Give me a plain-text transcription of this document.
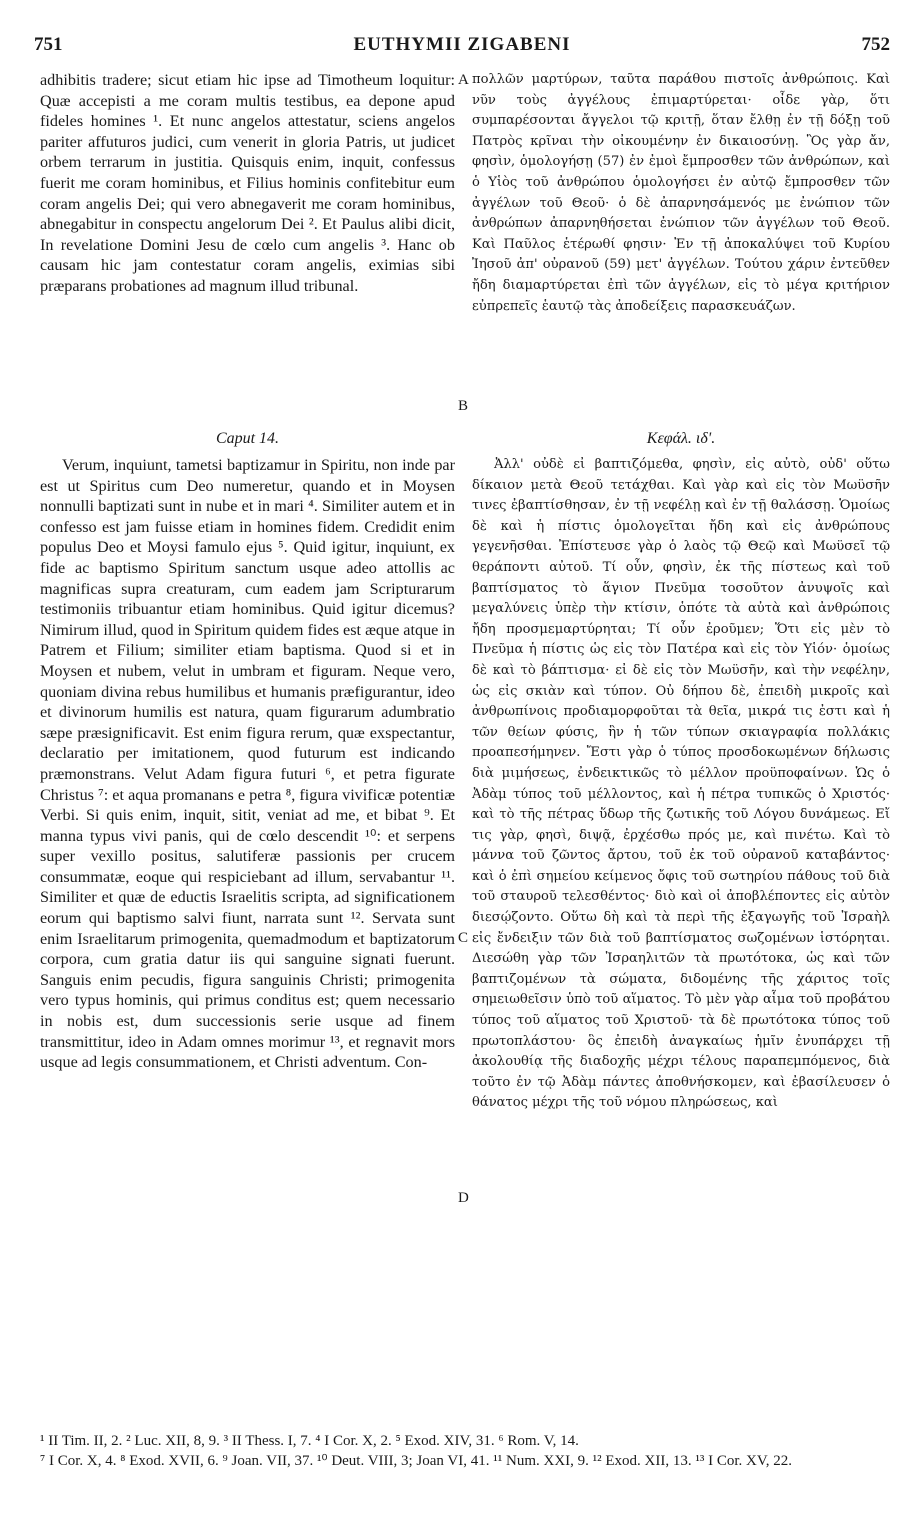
751	EUTHYMII ZIGABENI	752

adhibitis tradere; sicut etiam hic ipse ad Timotheum loquitur: Quæ accepisti a me coram multis testibus, ea depone apud fideles homines ¹. Et nunc angelos attestatur, sciens angelos pariter affuturos judici, cum venerit in gloria Patris, ut judicet orbem terrarum in justitia. Quisquis enim, inquit, confessus fuerit me coram hominibus, et Filius hominis confitebitur eum coram angelis Dei; qui vero abnegaverit me coram hominibus, abnegabitur in conspectu angelorum Dei ². Et Paulus alibi dicit, In revelatione Domini Jesu de cœlo cum angelis ³. Hanc ob causam hic jam contestatur coram angelis, eximias sibi præparans probationes ad magnum illud tribunal.

πολλῶν μαρτύρων, ταῦτα παράθου πιστοῖς ἀνθρώποις. Καὶ νῦν τοὺς ἀγγέλους ἐπιμαρτύρεται· οἶδε γὰρ, ὅτι συμπαρέσονται ἄγγελοι τῷ κριτῇ, ὅταν ἔλθῃ ἐν τῇ δόξῃ τοῦ Πατρὸς κρῖναι τὴν οἰκουμένην ἐν δικαιοσύνῃ. Ὃς γὰρ ἄν, φησὶν, ὁμολογήσῃ (57) ἐν ἐμοὶ ἔμπροσθεν τῶν ἀνθρώπων, καὶ ὁ Υἱὸς τοῦ ἀνθρώπου ὁμολογήσει ἐν αὐτῷ ἔμπροσθεν τῶν ἀγγέλων τοῦ Θεοῦ· ὁ δὲ ἀπαρνησάμενός με ἐνώπιον τῶν ἀνθρώπων ἀπαρνηθήσεται ἐνώπιον τῶν ἀγγέλων τοῦ Θεοῦ. Καὶ Παῦλος ἑτέρωθί φησιν· Ἐν τῇ ἀποκαλύψει τοῦ Κυρίου Ἰησοῦ ἀπ' οὐρανοῦ (59) μετ' ἀγγέλων. Τούτου χάριν ἐντεῦθεν ἤδη διαμαρτύρεται ἐπὶ τῶν ἀγγέλων, εἰς τὸ μέγα κριτήριον εὐπρεπεῖς ἑαυτῷ τὰς ἀποδείξεις παρασκευάζων.

A
B
C
D
Caput 14.	Κεφάλ. ιδ'.

Verum, inquiunt, tametsi baptizamur in Spiritu, non inde par est ut Spiritus cum Deo numeretur, quando et in Moysen nonnulli baptizati sunt in nube et in mari ⁴. Similiter autem et in confesso est jam fuisse etiam in homines fidem. Credidit enim populus Deo et Moysi famulo ejus ⁵. Quid igitur, inquiunt, ex fide ac baptismo Spiritum sanctum usque adeo attollis ac magnificas supra creaturam, cum eadem jam Scripturarum testimoniis tribuantur etiam hominibus. Quid igitur dicemus? Nimirum illud, quod in Spiritum quidem fides est æque atque in Patrem et Filium; similiter etiam baptisma. Quod si et in Moysen et nubem, velut in umbram et figuram. Neque vero, quoniam divina rebus humilibus et humanis præfigurantur, ideo et divinorum humilis est natura, quam figurarum adumbratio sæpe præsignificavit. Est enim figura rerum, quæ exspectantur, declaratio per imitationem, quod futurum est indicando præmonstrans. Velut Adam figura futuri ⁶, et petra figurate Christus ⁷: et aqua promanans e petra ⁸, figura vivificæ potentiæ Verbi. Si quis enim, inquit, sitit, veniat ad me, et bibat ⁹. Et manna typus vivi panis, qui de cœlo descendit ¹⁰: et serpens super vexillo positus, salutiferæ passionis per crucem consummatæ, eoque qui respiciebant ad illum, servabantur ¹¹. Similiter et quæ de eductis Israelitis scripta, ad significationem eorum qui baptismo salvi fiunt, narrata sunt ¹². Servata sunt enim Israelitarum primogenita, quemadmodum et baptizatorum corpora, cum gratia datur iis qui sanguine signati fuerunt. Sanguis enim pecudis, figura sanguinis Christi; primogenita vero typus hominis, qui primus conditus est; quem necessario in nobis est, dum successionis serie usque ad finem transmittitur, ideo in Adam omnes morimur ¹³, et regnavit mors usque ad legis consummationem, et Christi adventum. Con-

Ἀλλ' οὐδὲ εἰ βαπτιζόμεθα, φησὶν, εἰς αὐτὸ, οὐδ' οὕτω δίκαιον μετὰ Θεοῦ τετάχθαι. Καὶ γὰρ καὶ εἰς τὸν Μωϋσῆν τινες ἐβαπτίσθησαν, ἐν τῇ νεφέλῃ καὶ ἐν τῇ θαλάσσῃ. Ὁμοίως δὲ καὶ ἡ πίστις ὁμολογεῖται ἤδη καὶ εἰς ἀνθρώπους γεγενῆσθαι. Ἐπίστευσε γὰρ ὁ λαὸς τῷ Θεῷ καὶ Μωϋσεῖ τῷ θεράποντι αὐτοῦ. Τί οὖν, φησὶν, ἐκ τῆς πίστεως καὶ τοῦ βαπτίσματος τὸ ἅγιον Πνεῦμα τοσοῦτον ἀνυψοῖς καὶ μεγαλύνεις ὑπὲρ τὴν κτίσιν, ὁπότε τὰ αὐτὰ καὶ ἀνθρώποις ἤδη προσμεμαρτύρηται; Τί οὖν ἐροῦμεν; Ὅτι εἰς μὲν τὸ Πνεῦμα ἡ πίστις ὡς εἰς τὸν Πατέρα καὶ εἰς τὸν Υἱόν· ὁμοίως δὲ καὶ τὸ βάπτισμα· εἰ δὲ εἰς τὸν Μωϋσῆν, καὶ τὴν νεφέλην, ὡς εἰς σκιὰν καὶ τύπον. Οὐ δήπου δὲ, ἐπειδὴ μικροῖς καὶ ἀνθρωπίνοις προδιαμορφοῦται τὰ θεῖα, μικρά τις ἐστι καὶ ἡ τῶν θείων φύσις, ἣν ἡ τῶν τύπων σκιαγραφία πολλάκις προαπεσήμηνεν. Ἔστι γὰρ ὁ τύπος προσδοκωμένων δήλωσις διὰ μιμήσεως, ἐνδεικτικῶς τὸ μέλλον προϋποφαίνων. Ὡς ὁ Ἀδὰμ τύπος τοῦ μέλλοντος, καὶ ἡ πέτρα τυπικῶς ὁ Χριστός· καὶ τὸ τῆς πέτρας ὕδωρ τῆς ζωτικῆς τοῦ Λόγου δυνάμεως. Εἴ τις γὰρ, φησὶ, διψᾷ, ἐρχέσθω πρός με, καὶ πινέτω. Καὶ τὸ μάννα τοῦ ζῶντος ἄρτου, τοῦ ἐκ τοῦ οὐρανοῦ καταβάντος· καὶ ὁ ἐπὶ σημείου κείμενος ὄφις τοῦ σωτηρίου πάθους τοῦ διὰ τοῦ σταυροῦ τελεσθέντος· διὸ καὶ οἱ ἀποβλέποντες εἰς αὐτὸν διεσῴζοντο. Οὕτω δὴ καὶ τὰ περὶ τῆς ἐξαγωγῆς τοῦ Ἰσραὴλ εἰς ἔνδειξιν τῶν διὰ τοῦ βαπτίσματος σωζομένων ἱστόρηται. Διεσώθη γὰρ τῶν Ἰσραηλιτῶν τὰ πρωτότοκα, ὡς καὶ τῶν βαπτιζομένων τὰ σώματα, διδομένης τῆς χάριτος τοῖς σημειωθεῖσιν ὑπὸ τοῦ αἵματος. Τὸ μὲν γὰρ αἷμα τοῦ προβάτου τύπος τοῦ αἵματος τοῦ Χριστοῦ· τὰ δὲ πρωτότοκα τύπος τοῦ πρωτοπλάστου· ὃς ἐπειδὴ ἀναγκαίως ἡμῖν ἐνυπάρχει τῇ ἀκολουθίᾳ τῆς διαδοχῆς μέχρι τέλους παραπεμπόμενος, διὰ τοῦτο ἐν τῷ Ἀδὰμ πάντες ἀποθνήσκομεν, καὶ ἐβασίλευσεν ὁ θάνατος μέχρι τῆς τοῦ νόμου πληρώσεως, καὶ

¹ II Tim. II, 2. ² Luc. XII, 8, 9. ³ II Thess. I, 7. ⁴ I Cor. X, 2. ⁵ Exod. XIV, 31. ⁶ Rom. V, 14.
⁷ I Cor. X, 4. ⁸ Exod. XVII, 6. ⁹ Joan. VII, 37. ¹⁰ Deut. VIII, 3; Joan VI, 41. ¹¹ Num. XXI, 9. ¹² Exod. XII, 13. ¹³ I Cor. XV, 22.
